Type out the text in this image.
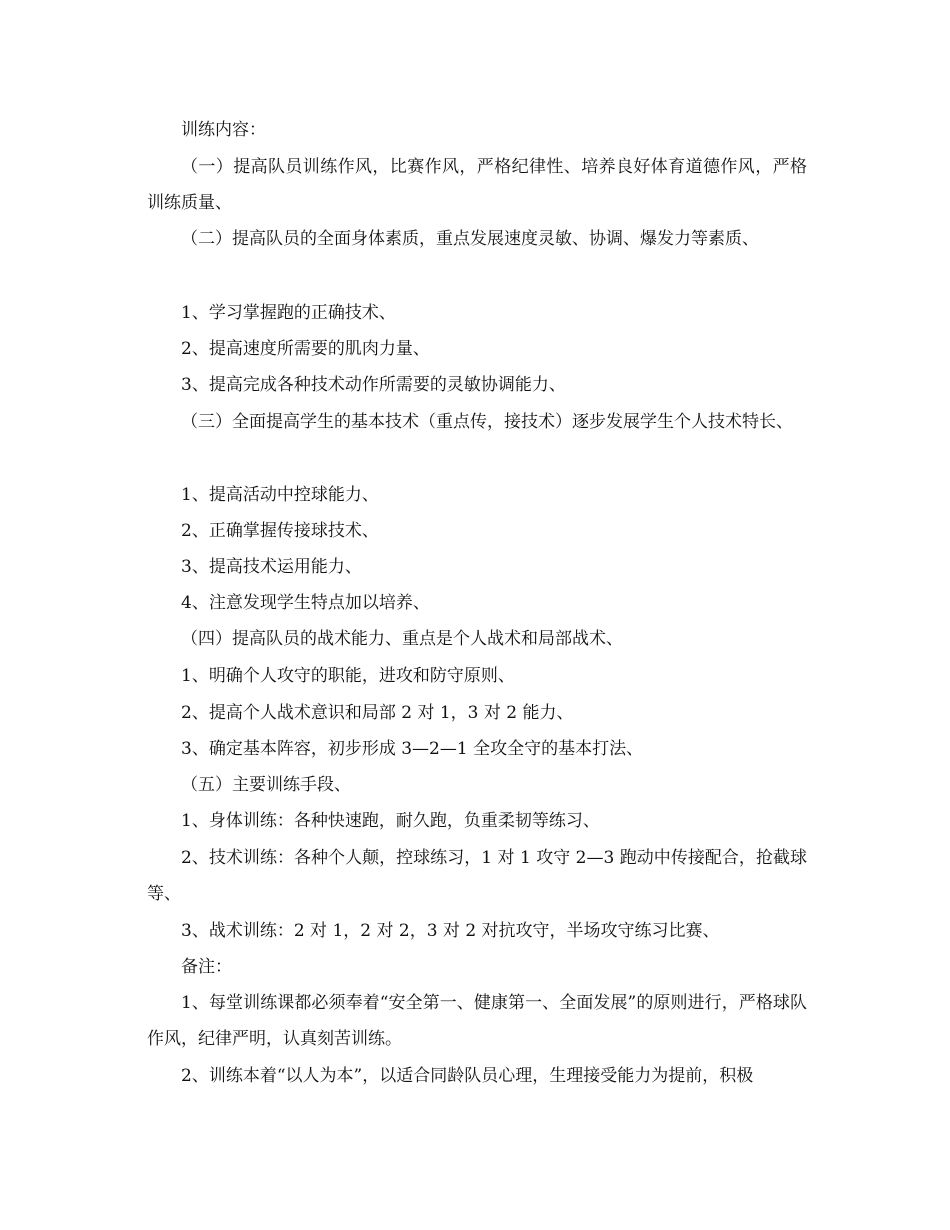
训练内容：

（一）提高队员训练作风，比赛作风，严格纪律性、培养良好体育道德作风，严格训练质量、

（二）提高队员的全面身体素质，重点发展速度灵敏、协调、爆发力等素质、

1、学习掌握跑的正确技术、

2、提高速度所需要的肌肉力量、

3、提高完成各种技术动作所需要的灵敏协调能力、

（三）全面提高学生的基本技术（重点传，接技术）逐步发展学生个人技术特长、

1、提高活动中控球能力、

2、正确掌握传接球技术、

3、提高技术运用能力、

4、注意发现学生特点加以培养、

（四）提高队员的战术能力、重点是个人战术和局部战术、

1、明确个人攻守的职能，进攻和防守原则、

2、提高个人战术意识和局部 2 对 1，3 对 2 能力、

3、确定基本阵容，初步形成 3—2—1 全攻全守的基本打法、

（五）主要训练手段、

1、身体训练：各种快速跑，耐久跑，负重柔韧等练习、

2、技术训练：各种个人颠，控球练习，1 对 1 攻守 2—3 跑动中传接配合，抢截球等、

3、战术训练：2 对 1，2 对 2，3 对 2 对抗攻守，半场攻守练习比赛、

备注：

1、每堂训练课都必须奉着“安全第一、健康第一、全面发展”的原则进行，严格球队作风，纪律严明，认真刻苦训练。

2、训练本着“以人为本”，以适合同龄队员心理，生理接受能力为提前，积极
